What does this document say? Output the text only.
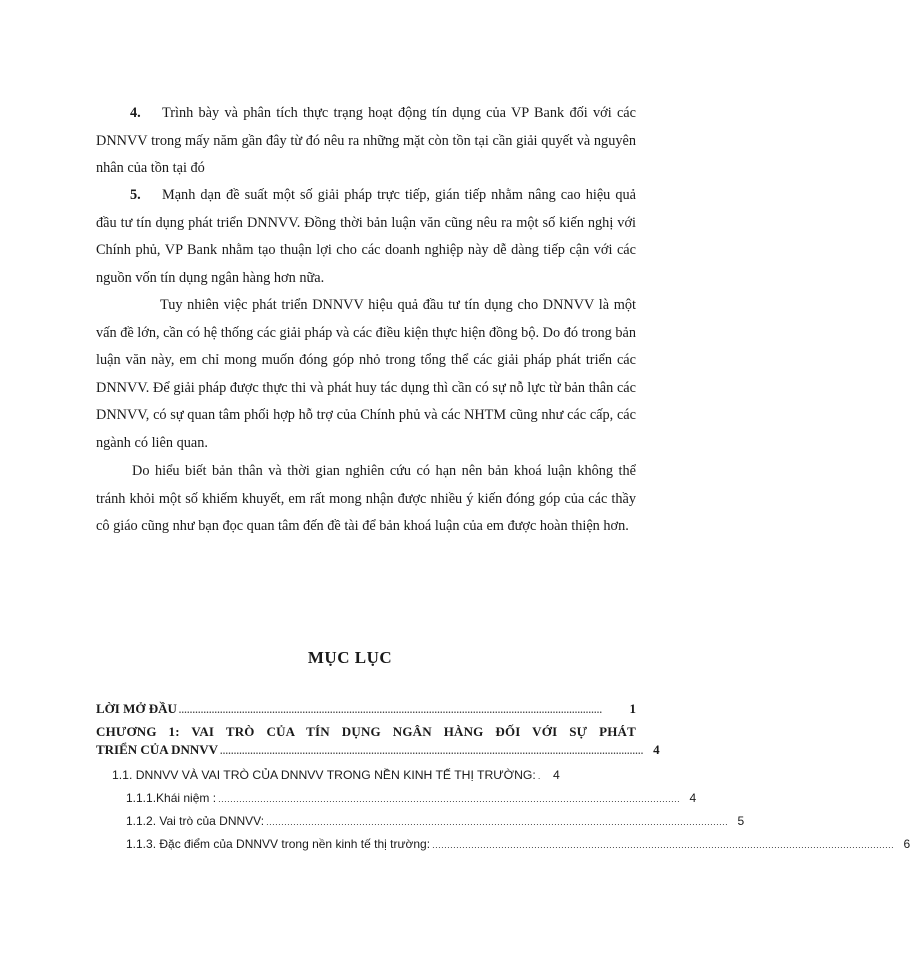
4. Trình bày và phân tích thực trạng hoạt động tín dụng của VP Bank đối với các DNNVV trong mấy năm gần đây từ đó nêu ra những mặt còn tồn tại cần giải quyết và nguyên nhân của tồn tại đó

5. Mạnh dạn đề suất một số giải pháp trực tiếp, gián tiếp nhằm nâng cao hiệu quả đầu tư tín dụng phát triển DNNVV. Đồng thời bản luận văn cũng nêu ra một số kiến nghị với Chính phủ, VP Bank nhằm tạo thuận lợi cho các doanh nghiệp này dễ dàng tiếp cận với các nguồn vốn tín dụng ngân hàng hơn nữa.

Tuy nhiên việc phát triển DNNVV hiệu quả đầu tư tín dụng cho DNNVV là một vấn đề lớn, cần có hệ thống các giải pháp và các điều kiện thực hiện đồng bộ. Do đó trong bản luận văn này, em chỉ mong muốn đóng góp nhỏ trong tổng thể các giải pháp phát triển các DNNVV. Để giải pháp được thực thi và phát huy tác dụng thì cần có sự nỗ lực từ bản thân các DNNVV, có sự quan tâm phối hợp hỗ trợ của Chính phủ và các NHTM cũng như các cấp, các ngành có liên quan.

Do hiểu biết bản thân và thời gian nghiên cứu có hạn nên bản khoá luận không thể tránh khỏi một số khiếm khuyết, em rất mong nhận được nhiều ý kiến đóng góp của các thầy cô giáo cũng như bạn đọc quan tâm đến đề tài để bản khoá luận của em được hoàn thiện hơn.

MỤC LỤC
LỜI MỞ ĐẦU ..........................................................................................................................................................	1
CHƯƠNG 1: VAI TRÒ CỦA TÍN DỤNG NGÂN HÀNG ĐỐI VỚI SỰ PHÁT
TRIỂN CỦA DNNVV .......................................................................................................................................................... 4
1.1. DNNVV VÀ VAI TRÒ CỦA DNNVV TRONG NỀN KINH TẾ THỊ TRƯỜNG: .	4
1.1.1.Khái niệm : .......................................................................................................................................................... 4
1.1.2. Vai trò của DNNVV: .......................................................................................................................................................... 5
1.1.3. Đặc điểm của DNNVV trong nền kinh tế thị trường: .......................................................................................................................................................... 6
